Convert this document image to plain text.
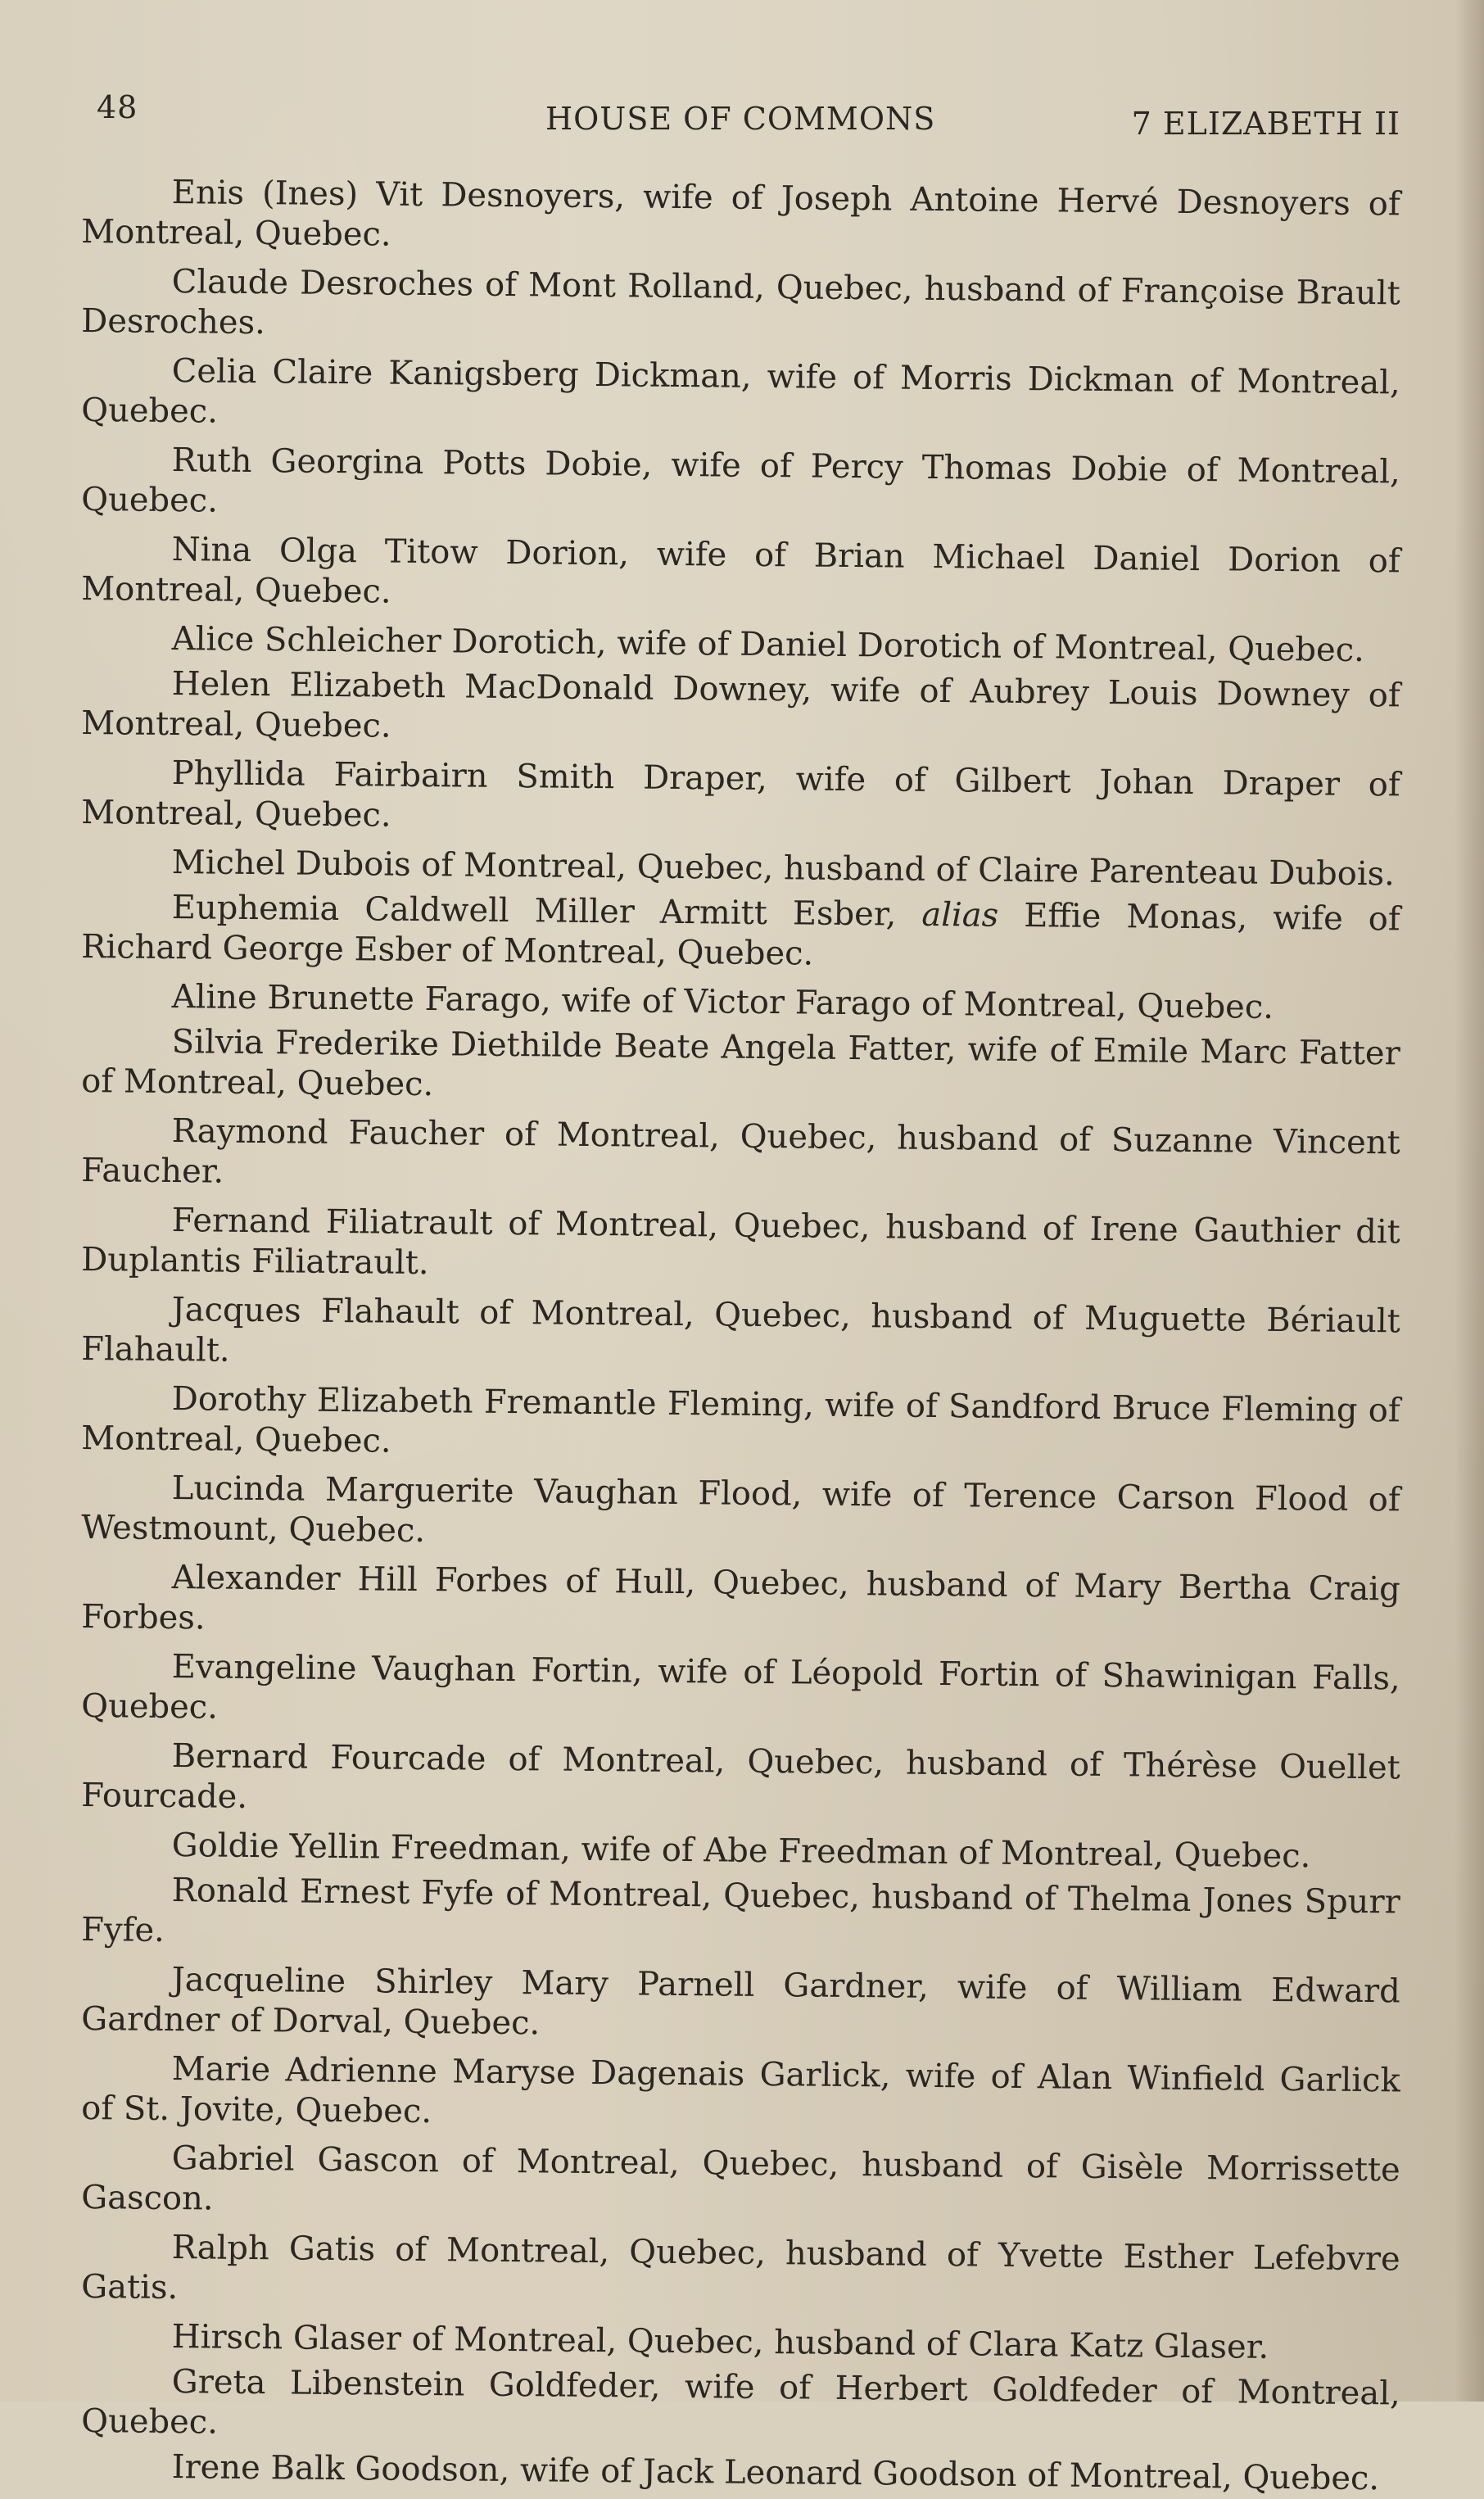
48	HOUSE OF COMMONS	7 ELIZABETH II

Enis (Ines) Vit Desnoyers, wife of Joseph Antoine Hervé Desnoyers of Montreal, Quebec.

Claude Desroches of Mont Rolland, Quebec, husband of Françoise Brault Desroches.

Celia Claire Kanigsberg Dickman, wife of Morris Dickman of Montreal, Quebec.

Ruth Georgina Potts Dobie, wife of Percy Thomas Dobie of Montreal, Quebec.

Nina Olga Titow Dorion, wife of Brian Michael Daniel Dorion of Montreal, Quebec.

Alice Schleicher Dorotich, wife of Daniel Dorotich of Montreal, Quebec.

Helen Elizabeth MacDonald Downey, wife of Aubrey Louis Downey of Montreal, Quebec.

Phyllida Fairbairn Smith Draper, wife of Gilbert Johan Draper of Montreal, Quebec.

Michel Dubois of Montreal, Quebec, husband of Claire Parenteau Dubois.

Euphemia Caldwell Miller Armitt Esber, alias Effie Monas, wife of Richard George Esber of Montreal, Quebec.

Aline Brunette Farago, wife of Victor Farago of Montreal, Quebec.

Silvia Frederike Diethilde Beate Angela Fatter, wife of Emile Marc Fatter of Montreal, Quebec.

Raymond Faucher of Montreal, Quebec, husband of Suzanne Vincent Faucher.

Fernand Filiatrault of Montreal, Quebec, husband of Irene Gauthier dit Duplantis Filiatrault.

Jacques Flahault of Montreal, Quebec, husband of Muguette Bériault Flahault.

Dorothy Elizabeth Fremantle Fleming, wife of Sandford Bruce Fleming of Montreal, Quebec.

Lucinda Marguerite Vaughan Flood, wife of Terence Carson Flood of Westmount, Quebec.

Alexander Hill Forbes of Hull, Quebec, husband of Mary Bertha Craig Forbes.

Evangeline Vaughan Fortin, wife of Léopold Fortin of Shawinigan Falls, Quebec.

Bernard Fourcade of Montreal, Quebec, husband of Thérèse Ouellet Fourcade.

Goldie Yellin Freedman, wife of Abe Freedman of Montreal, Quebec.

Ronald Ernest Fyfe of Montreal, Quebec, husband of Thelma Jones Spurr Fyfe.

Jacqueline Shirley Mary Parnell Gardner, wife of William Edward Gardner of Dorval, Quebec.

Marie Adrienne Maryse Dagenais Garlick, wife of Alan Winfield Garlick of St. Jovite, Quebec.

Gabriel Gascon of Montreal, Quebec, husband of Gisèle Morrissette Gascon.

Ralph Gatis of Montreal, Quebec, husband of Yvette Esther Lefebvre Gatis.

Hirsch Glaser of Montreal, Quebec, husband of Clara Katz Glaser.

Greta Libenstein Goldfeder, wife of Herbert Goldfeder of Montreal, Quebec.

Irene Balk Goodson, wife of Jack Leonard Goodson of Montreal, Quebec.
